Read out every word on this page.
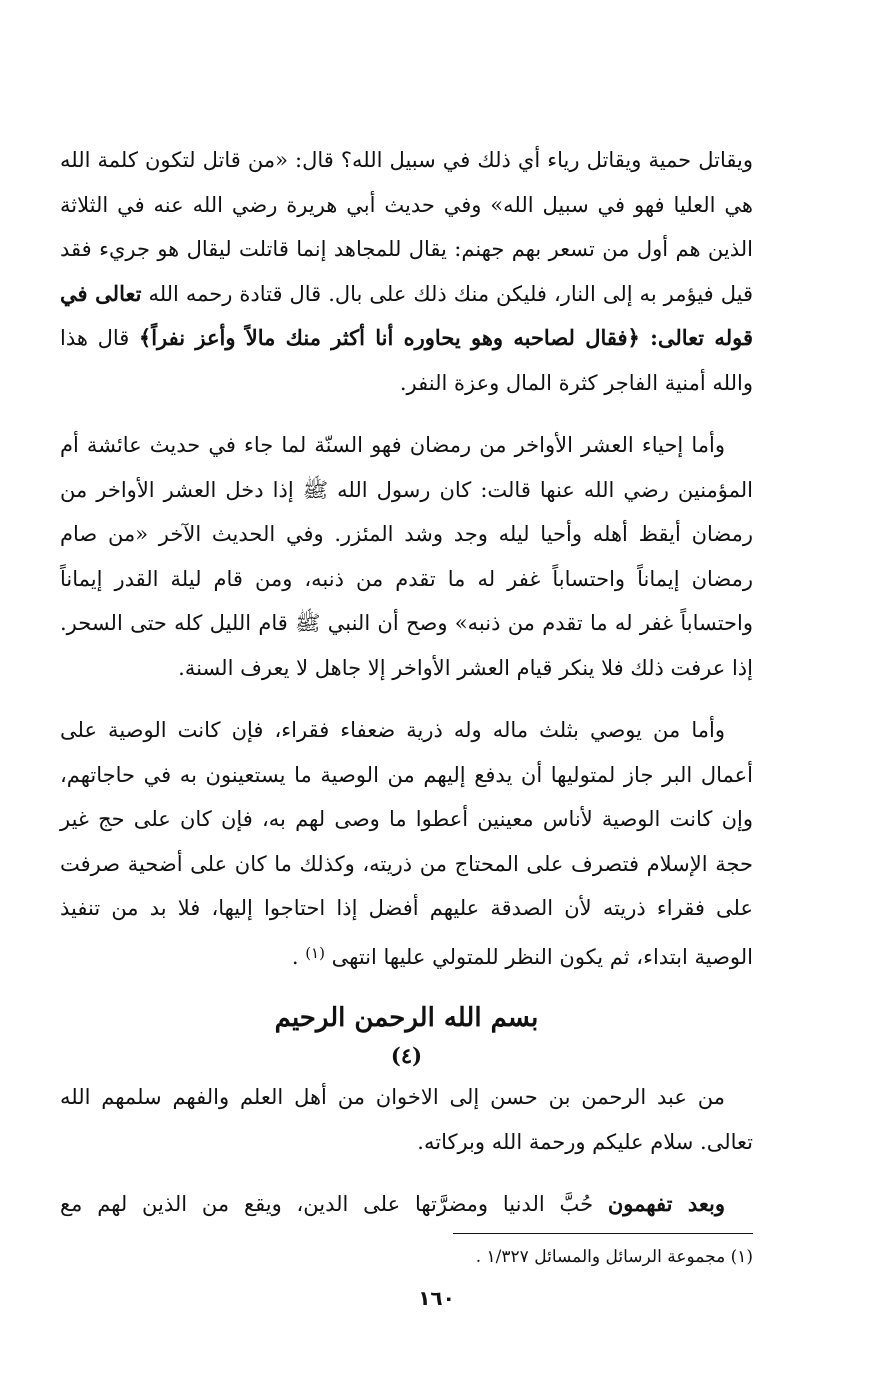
ويقاتل حمية ويقاتل رياء أي ذلك في سبيل الله؟ قال: «من قاتل لتكون كلمة الله هي العليا فهو في سبيل الله» وفي حديث أبي هريرة رضي الله عنه في الثلاثة الذين هم أول من تسعر بهم جهنم: يقال للمجاهد إنما قاتلت ليقال هو جريء فقد قيل فيؤمر به إلى النار، فليكن منك ذلك على بال. قال قتادة رحمه الله تعالى في قوله تعالى: ﴿فقال لصاحبه وهو يحاوره أنا أكثر منك مالاً وأعز نفراً﴾ قال هذا والله أمنية الفاجر كثرة المال وعزة النفر.

وأما إحياء العشر الأواخر من رمضان فهو السنّة لما جاء في حديث عائشة أم المؤمنين رضي الله عنها قالت: كان رسول الله ﷺ إذا دخل العشر الأواخر من رمضان أيقظ أهله وأحيا ليله وجد وشد المئزر. وفي الحديث الآخر «من صام رمضان إيماناً واحتساباً غفر له ما تقدم من ذنبه، ومن قام ليلة القدر إيماناً واحتساباً غفر له ما تقدم من ذنبه» وصح أن النبي ﷺ قام الليل كله حتى السحر. إذا عرفت ذلك فلا ينكر قيام العشر الأواخر إلا جاهل لا يعرف السنة.

وأما من يوصي بثلث ماله وله ذرية ضعفاء فقراء، فإن كانت الوصية على أعمال البر جاز لمتوليها أن يدفع إليهم من الوصية ما يستعينون به في حاجاتهم، وإن كانت الوصية لأناس معينين أعطوا ما وصى لهم به، فإن كان على حج غير حجة الإسلام فتصرف على المحتاج من ذريته، وكذلك ما كان على أضحية صرفت على فقراء ذريته لأن الصدقة عليهم أفضل إذا احتاجوا إليها، فلا بد من تنفيذ الوصية ابتداء، ثم يكون النظر للمتولي عليها انتهى $^{(١)}$ .

بسم الله الرحمن الرحيم
(٤)

من عبد الرحمن بن حسن إلى الاخوان من أهل العلم والفهم سلمهم الله تعالى. سلام عليكم ورحمة الله وبركاته.

وبعد تفهمون حُبَّ الدنيا ومضرَّتها على الدين، ويقع من الذين لهم مع

(١) مجموعة الرسائل والمسائل ١/٣٢٧ .

١٦٠
